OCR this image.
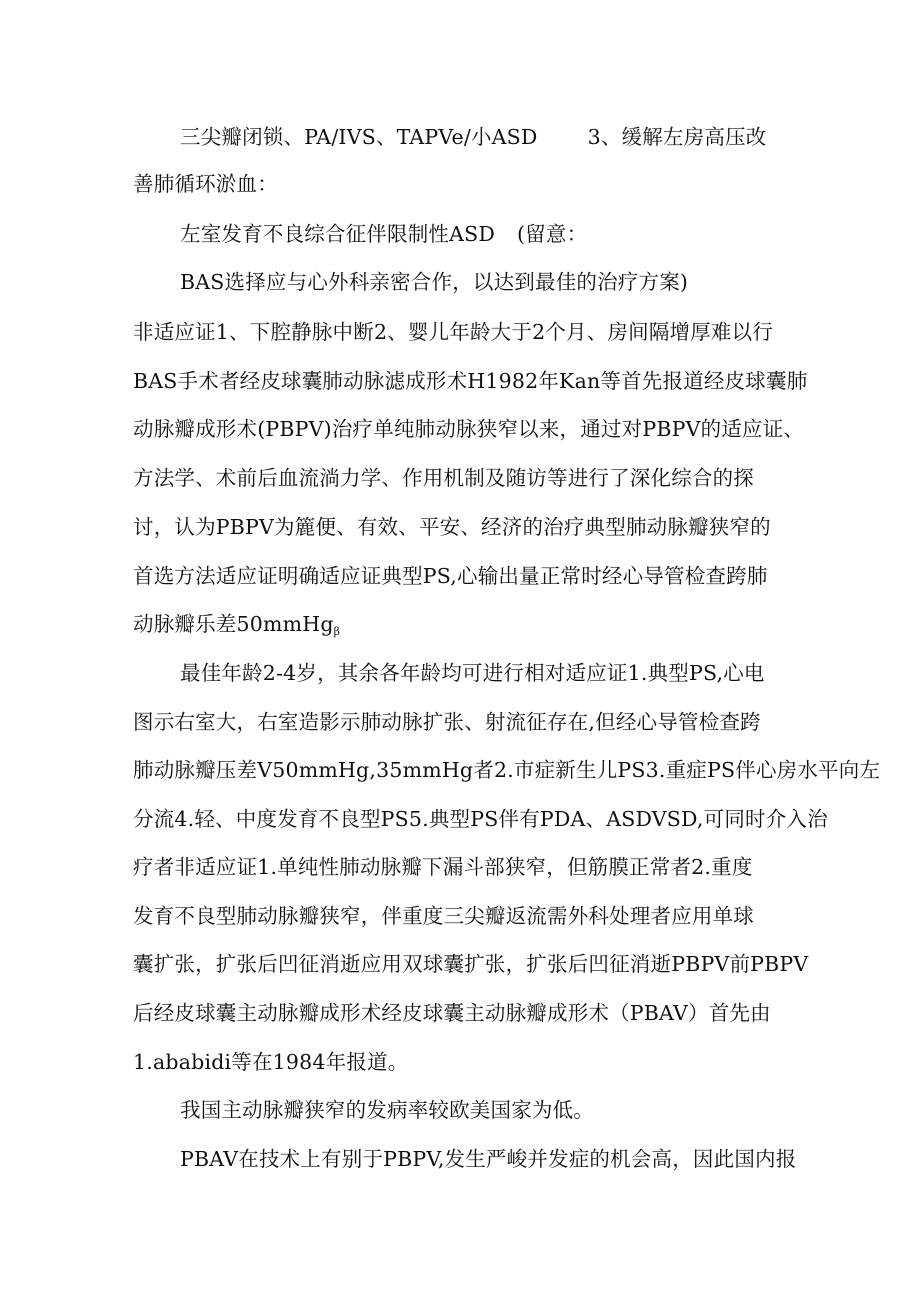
三尖瓣闭锁、PA/IVS、TAPVe/小ASD 3、缓解左房高压改
善肺循环淤血：
左室发育不良综合征伴限制性ASD (留意：
BAS选择应与心外科亲密合作，以达到最佳的治疗方案)
非适应证1、下腔静脉中断2、婴儿年龄大于2个月、房间隔增厚难以行
BAS手术者经皮球囊肺动脉滤成形术H1982年Kan等首先报道经皮球囊肺
动脉瓣成形术(PBPV)治疗单纯肺动脉狭窄以来，通过对PBPV的适应证、
方法学、术前后血流淌力学、作用机制及随访等进行了深化综合的探
讨，认为PBPV为簏便、有效、平安、经济的治疗典型肺动脉瓣狭窄的
首选方法适应证明确适应证典型PS,心输出量正常时经心导管检查跨肺
动脉瓣乐差50mmHg$_\beta$
最佳年龄2-4岁，其余各年龄均可进行相对适应证1.典型PS,心电
图示右室大，右室造影示肺动脉扩张、射流征存在,但经心导管检查跨
肺动脉瓣压差V50mmHg,35mmHg者2.市症新生儿PS3.重症PS伴心房水平向左
分流4.轻、中度发育不良型PS5.典型PS伴有PDA、ASDVSD,可同时介入治
疗者非适应证1.单纯性肺动脉瓣下漏斗部狭窄，但筋膜正常者2.重度
发育不良型肺动脉瓣狭窄，伴重度三尖瓣返流需外科处理者应用单球
囊扩张，扩张后凹征消逝应用双球囊扩张，扩张后凹征消逝PBPV前PBPV
后经皮球囊主动脉瓣成形术经皮球囊主动脉瓣成形术（PBAV）首先由
1.ababidi等在1984年报道。
我国主动脉瓣狭窄的发病率较欧美国家为低。
PBAV在技术上有别于PBPV,发生严峻并发症的机会高，因此国内报
